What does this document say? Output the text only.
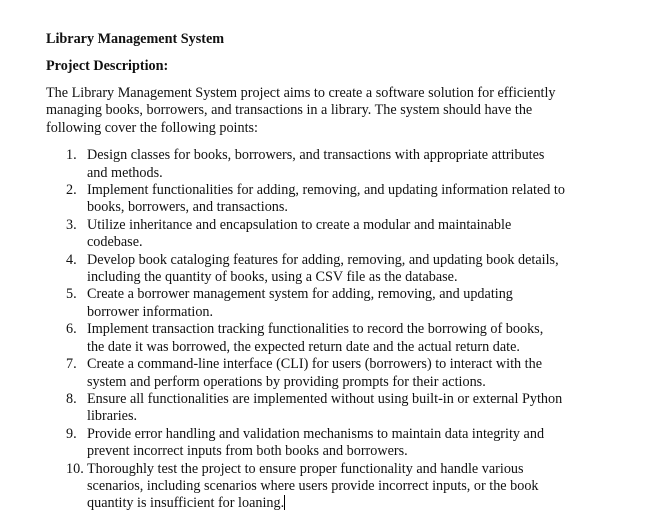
Library Management System

Project Description:

The Library Management System project aims to create a software solution for efficiently
managing books, borrowers, and transactions in a library. The system should have the
following cover the following points:
1. Design classes for books, borrowers, and transactions with appropriate attributes
and methods.
2. Implement functionalities for adding, removing, and updating information related to
books, borrowers, and transactions.
3. Utilize inheritance and encapsulation to create a modular and maintainable
codebase.
4. Develop book cataloging features for adding, removing, and updating book details,
including the quantity of books, using a CSV file as the database.
5. Create a borrower management system for adding, removing, and updating
borrower information.
6. Implement transaction tracking functionalities to record the borrowing of books,
the date it was borrowed, the expected return date and the actual return date.
7. Create a command-line interface (CLI) for users (borrowers) to interact with the
system and perform operations by providing prompts for their actions.
8. Ensure all functionalities are implemented without using built-in or external Python
libraries.
9. Provide error handling and validation mechanisms to maintain data integrity and
prevent incorrect inputs from both books and borrowers.
10. Thoroughly test the project to ensure proper functionality and handle various
scenarios, including scenarios where users provide incorrect inputs, or the book
quantity is insufficient for loaning.
